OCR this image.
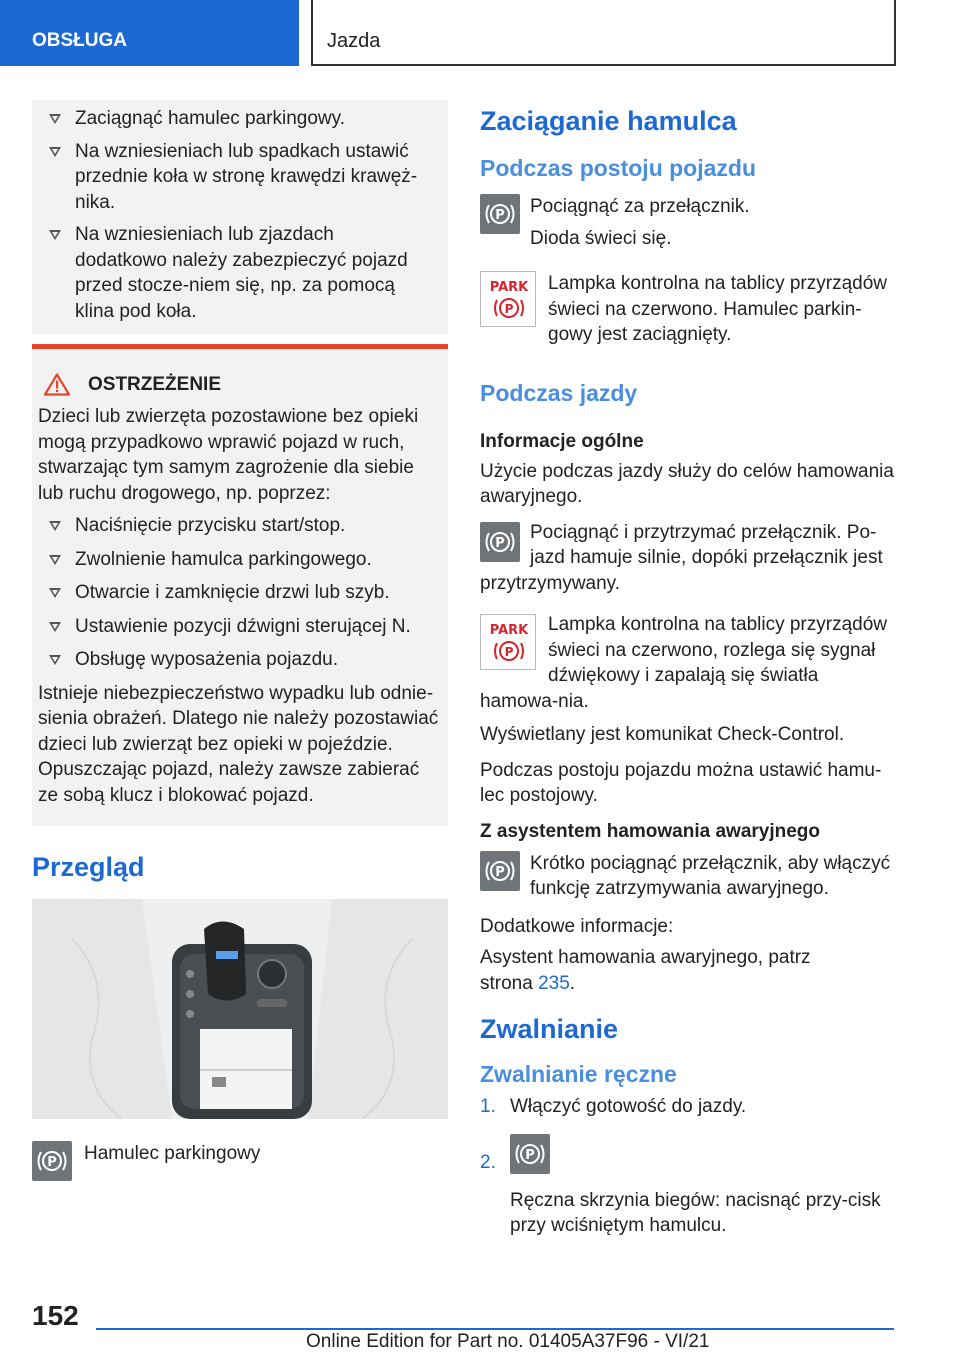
OBSŁUGA	Jazda
Zaciągnąć hamulec parkingowy.
Na wzniesieniach lub spadkach ustawić przednie koła w stronę krawędzi krawęż‐nika.
Na wzniesieniach lub zjazdach dodatkowo należy zabezpieczyć pojazd przed stocze‐niem się, np. za pomocą klina pod koła.
OSTRZEŻENIE
Dzieci lub zwierzęta pozostawione bez opieki mogą przypadkowo wprawić pojazd w ruch, stwarzając tym samym zagrożenie dla siebie lub ruchu drogowego, np. poprzez:
Naciśnięcie przycisku start/stop.
Zwolnienie hamulca parkingowego.
Otwarcie i zamknięcie drzwi lub szyb.
Ustawienie pozycji dźwigni sterującej N.
Obsługę wyposażenia pojazdu.
Istnieje niebezpieczeństwo wypadku lub odnie‐sienia obrażeń. Dlatego nie należy pozostawiać dzieci lub zwierząt bez opieki w pojeździe. Opuszczając pojazd, należy zawsze zabierać ze sobą klucz i blokować pojazd.
Przegląd
P Hamulec parkingowy
Zaciąganie hamulca
Podczas postoju pojazdu
P Pociągnąć za przełącznik.
Dioda świeci się.
PARK
P
Lampka kontrolna na tablicy przyrządów świeci na czerwono. Hamulec parkin‐gowy jest zaciągnięty.
Podczas jazdy
Informacje ogólne
Użycie podczas jazdy służy do celów hamowania awaryjnego.
P
Pociągnąć i przytrzymać przełącznik. Po‐jazd hamuje silnie, dopóki przełącznik jest przytrzymywany.
PARK
P
Lampka kontrolna na tablicy przyrządów świeci na czerwono, rozlega się sygnał dźwiękowy i zapalają się światła hamowa‐nia.
Wyświetlany jest komunikat Check-Control.
Podczas postoju pojazdu można ustawić hamu‐lec postojowy.
Z asystentem hamowania awaryjnego
P Krótko pociągnąć przełącznik, aby włączyć funkcję zatrzymywania awaryjnego.
Dodatkowe informacje:
Asystent hamowania awaryjnego, patrz
strona 235.
Zwalnianie
Zwalnianie ręczne
1. Włączyć gotowość do jazdy.
2. P
Ręczna skrzynia biegów: nacisnąć przy‐cisk przy wciśniętym hamulcu.
152
Online Edition for Part no. 01405A37F96 - VI/21
